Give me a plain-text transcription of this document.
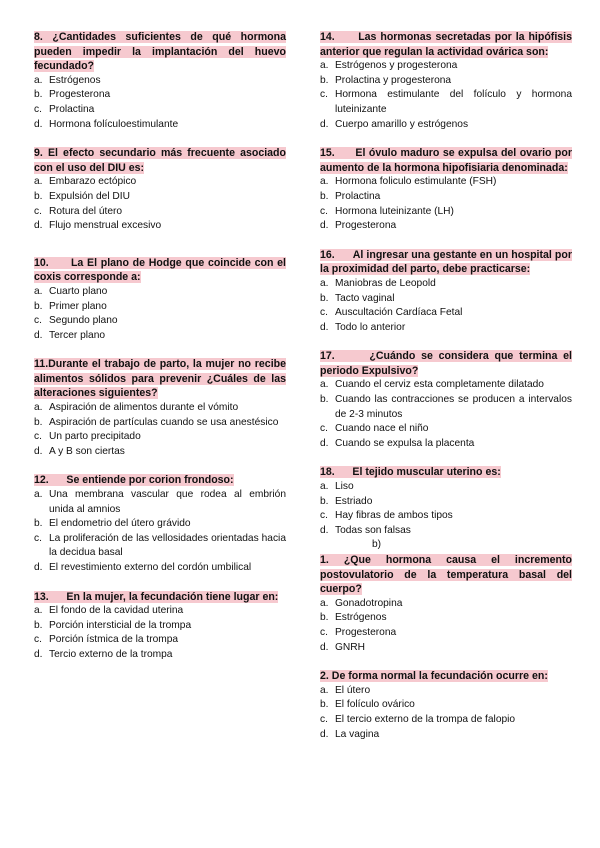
8. ¿Cantidades suficientes de qué hormona pueden impedir la implantación del huevo fecundado?

a. Estrógenos
b. Progesterona
c. Prolactina
d. Hormona folículoestimulante

9. El efecto secundario más frecuente asociado con el uso del DIU es:

a. Embarazo ectópico
b. Expulsión del DIU
c. Rotura del útero
d. Flujo menstrual excesivo

10. La El plano de Hodge que coincide con el coxis corresponde a:

a. Cuarto plano
b. Primer plano
c. Segundo plano
d. Tercer plano

11.Durante el trabajo de parto, la mujer no recibe alimentos sólidos para prevenir ¿Cuáles de las alteraciones siguientes?

a. Aspiración de alimentos durante el vómito
b. Aspiración de partículas cuando se usa anestésico
c. Un parto precipitado
d. A y B son ciertas

12. Se entiende por corion frondoso:

a. Una membrana vascular que rodea al embrión unida al amnios
b. El endometrio del útero grávido
c. La proliferación de las vellosidades orientadas hacia la decidua basal
d. El revestimiento externo del cordón umbilical

13. En la mujer, la fecundación tiene lugar en:

a. El fondo de la cavidad uterina
b. Porción intersticial de la trompa
c. Porción ístmica de la trompa
d. Tercio externo de la trompa

14. Las hormonas secretadas por la hipófisis anterior que regulan la actividad ovárica son:

a. Estrógenos y progesterona
b. Prolactina y progesterona
c. Hormona estimulante del folículo y hormona luteinizante
d. Cuerpo amarillo y estrógenos

15. El óvulo maduro se expulsa del ovario por aumento de la hormona hipofisiaria denominada:

a. Hormona foliculo estimulante (FSH)
b. Prolactina
c. Hormona luteinizante (LH)
d. Progesterona

16. Al ingresar una gestante en un hospital por la proximidad del parto, debe practicarse:

a. Maniobras de Leopold
b. Tacto vaginal
c. Auscultación Cardíaca Fetal
d. Todo lo anterior

17.	¿Cuándo se considera que termina el periodo Expulsivo?

a. Cuando el cerviz esta completamente dilatado
b. Cuando las contracciones se producen a intervalos de 2-3 minutos
c. Cuando nace el niño
d. Cuando se expulsa la placenta

18. El tejido muscular uterino es:

a. Liso
b. Estriado
c. Hay fibras de ambos tipos
d. Todas son falsas
b)

1. ¿Que hormona causa el incremento postovulatorio de la temperatura basal del cuerpo?

a. Gonadotropina
b. Estrógenos
c. Progesterona
d. GNRH

2. De forma normal la fecundación ocurre en:

a. El útero
b. El folículo ovárico
c. El tercio externo de la trompa de falopio
d. La vagina
